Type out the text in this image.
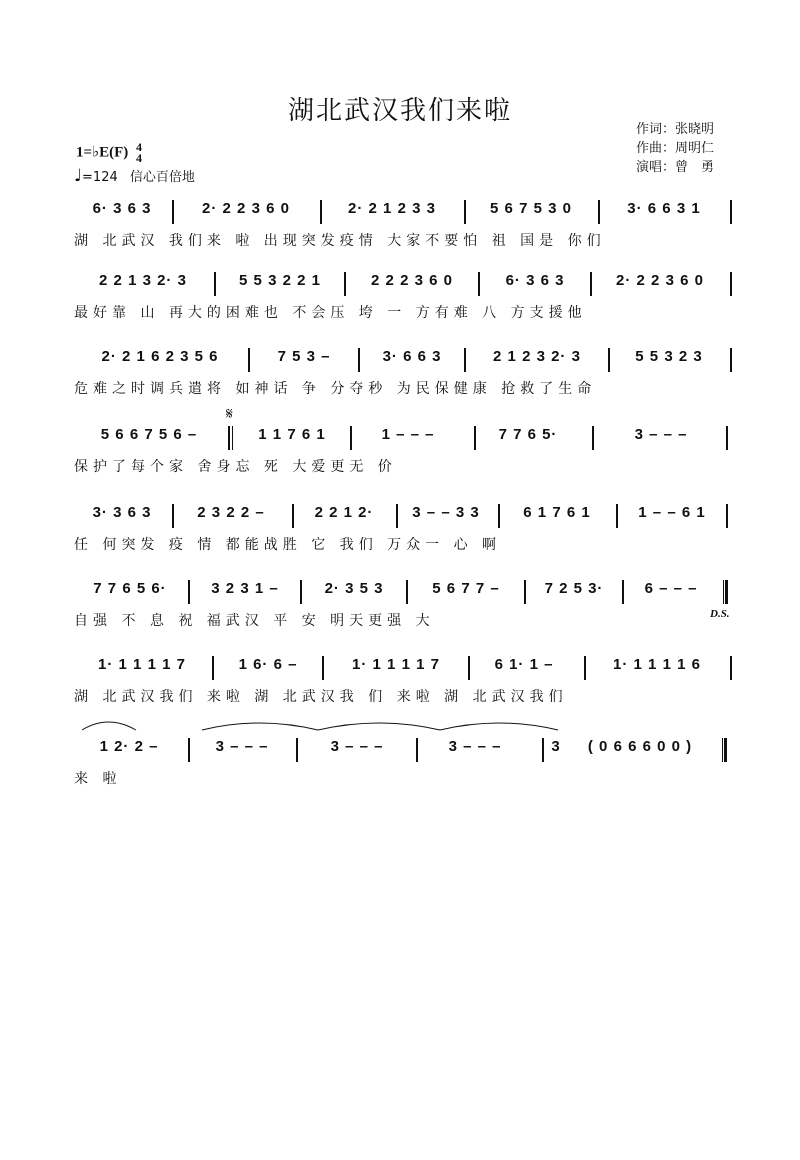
湖北武汉我们来啦
作词：张晓明
作曲：周明仁
演唱：曾　勇
1=♭E(F) 4
4
♩=124 信心百倍地
6· 3 6 3	2· 2 2 3 6 0	2· 2 1 2 3 3	5 6 7 5 3 0	3· 6 6 3 1
湖 北武汉 我们来 啦 出现突发疫情 大家不要怕 祖 国是 你们
2 2 1 3 2· 3	5 5 3 2 2 1	2 2 2 3 6 0	6· 3 6 3	2· 2 2 3 6 0
最好靠 山 再大的困难也 不会压 垮 一 方有难 八 方支援他
2· 2 1 6 2 3 5 6	7 5 3 –	3· 6 6 3	2 1 2 3 2· 3	5 5 3 2 3
危难之时调兵遣将 如神话 争 分夺秒 为民保健康 抢救了生命
𝄋
5 6 6 7 5 6 –	1 1 7 6 1	1 – – –	7 7 6 5·	3 – – –
保护了每个家 舍身忘 死 大爱更无 价
3· 3 6 3	2 3 2 2 –	2 2 1 2·	3 – – 3 3	6 1 7 6 1	1 – – 6 1
任 何突发 疫 情 都能战胜 它 我们 万众一 心 啊
7 7 6 5 6·	3 2 3 1 –	2· 3 5 3	5 6 7 7 –	7 2 5 3·	6 – – –
自强 不 息 祝 福武汉 平 安 明天更强 大	D.S.
1· 1 1 1 1 7	1 6· 6 –	1· 1 1 1 1 7	6 1· 1 –	1· 1 1 1 1 6
湖 北武汉我们 来啦 湖 北武汉我 们 来啦 湖 北武汉我们
1 2· 2 –	3 – – –	3 – – –	3 – – –	3	( 0 6 6 6 0 0 )
来 啦
